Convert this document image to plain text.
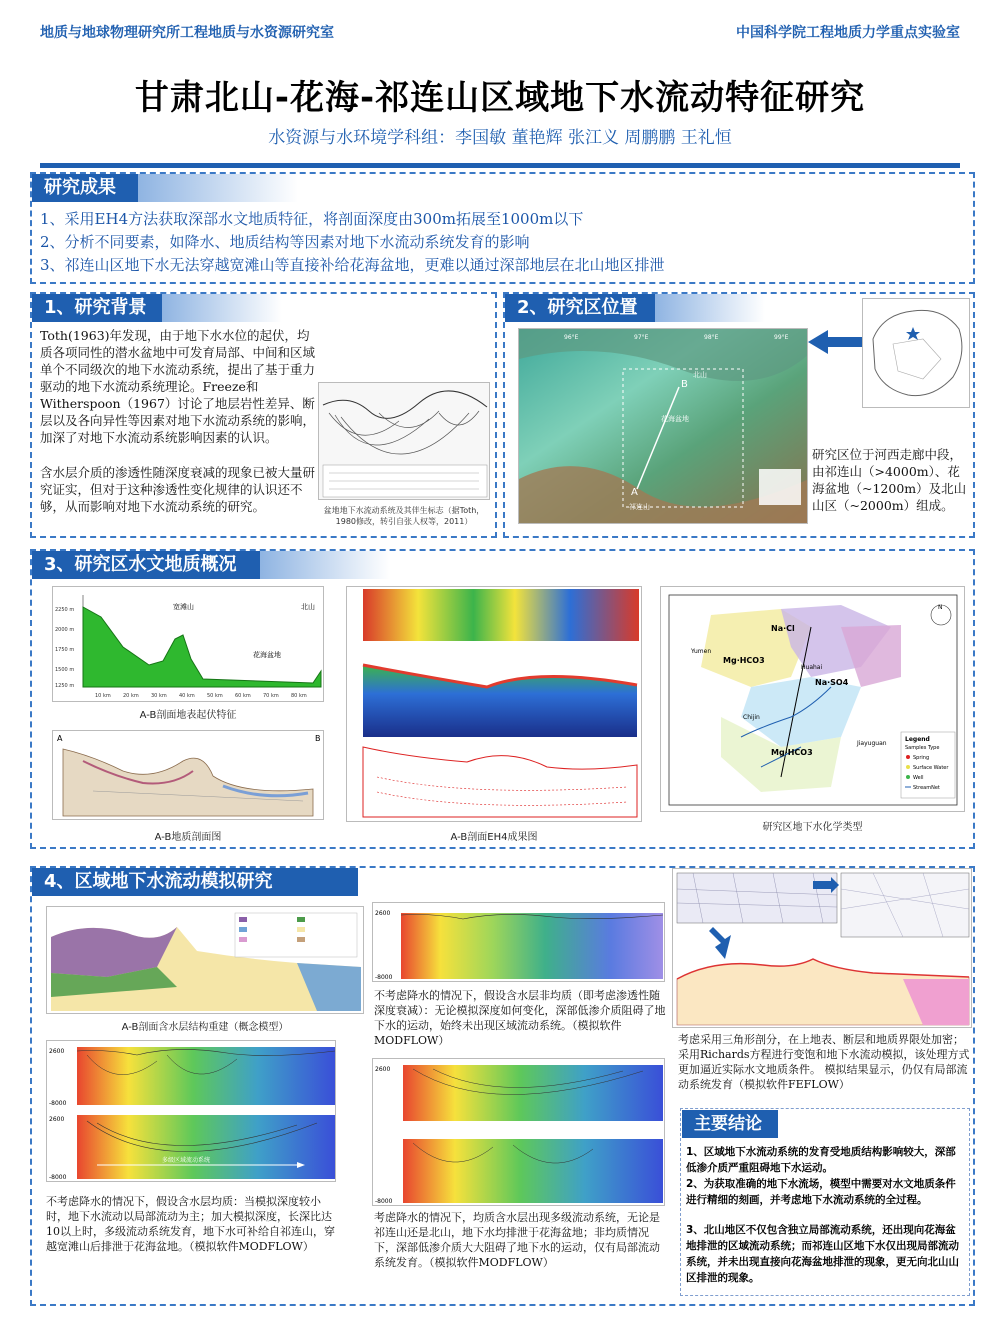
地质与地球物理研究所工程地质与水资源研究室	中国科学院工程地质力学重点实验室
甘肃北山-花海-祁连山区域地下水流动特征研究
水资源与水环境学科组：李国敏 董艳辉 张江义 周鹏鹏 王礼恒
研究成果
1、采用EH4方法获取深部水文地质特征，将剖面深度由300m拓展至1000m以下
2、分析不同要素，如降水、地质结构等因素对地下水流动系统发育的影响
3、祁连山区地下水无法穿越宽滩山等直接补给花海盆地，更难以通过深部地层在北山地区排泄
1、研究背景
Toth(1963)年发现，由于地下水水位的起伏，均质各项同性的潜水盆地中可发育局部、中间和区域单个不同级次的地下水流动系统，提出了基于重力驱动的地下水流动系统理论。Freeze和Witherspoon（1967）讨论了地层岩性差异、断层以及各向异性等因素对地下水流动系统的影响，加深了对地下水流动系统影响因素的认识。
含水层介质的渗透性随深度衰减的现象已被大量研究证实，但对于这种渗透性变化规律的认识还不够，从而影响对地下水流动系统的研究。	盆地地下水流动系统及其伴生标志（据Toth，1980修改，转引自张人权等，2011）
2、研究区位置
B
A
花海盆地
北山
祁连山
96°E	97°E	98°E	99°E
研究区位于河西走廊中段，由祁连山（>4000m）、花海盆地（~1200m）及北山山区（~2000m）组成。
3、研究区水文地质概况
宽滩山	北山
花海盆地
2250 m
2000 m
1750 m
1500 m
1250 m
10 km 20 km 30 km 40 km 50 km 60 km 70 km 80 km
A-B剖面地表起伏特征
A	B
A-B地质剖面图	A-B剖面EH4成果图
Na·Cl
Mg·HCO3
Na·SO4
Mg·HCO3
Yumen
Huahai
Chijin
Jiayuguan
Legend
Samples Type
Spring
Surface Water
Well
StreamNet
N
研究区地下水化学类型
4、区域地下水流动模拟研究
A-B剖面含水层结构重建（概念模型）
2600
-8000
不考虑降水的情况下，假设含水层非均质（即考虑渗透性随深度衰减）：无论模拟深度如何变化，深部低渗介质阻碍了地下水的运动，始终未出现区域流动系统。（模拟软件MODFLOW）	考虑采用三角形剖分，在上地表、断层和地质界限处加密；采用Richards方程进行变饱和地下水流动模拟，该处理方式更加逼近实际水文地质条件。 模拟结果显示，仍仅有局部流动系统发育（模拟软件FEFLOW）
多级区域流动系统
2600
-8000
2600
-8000
不考虑降水的情况下，假设含水层均质：当模拟深度较小时，地下水流动以局部流动为主；加大模拟深度，长深比达10以上时，多级流动系统发育，地下水可补给自祁连山，穿越宽滩山后排泄于花海盆地。（模拟软件MODFLOW）
2600
-8000
考虑降水的情况下，均质含水层出现多级流动系统，无论是祁连山还是北山，地下水均排泄于花海盆地；非均质情况下，深部低渗介质大大阻碍了地下水的运动，仅有局部流动系统发育。（模拟软件MODFLOW）
主要结论
1、区域地下水流动系统的发育受地质结构影响较大，深部低渗介质严重阻碍地下水运动。
2、为获取准确的地下水流场，模型中需要对水文地质条件进行精细的刻画，并考虑地下水流动系统的全过程。
3、北山地区不仅包含独立局部流动系统，还出现向花海盆地排泄的区域流动系统；而祁连山区地下水仅出现局部流动系统，并未出现直接向花海盆地排泄的现象，更无向北山山区排泄的现象。
